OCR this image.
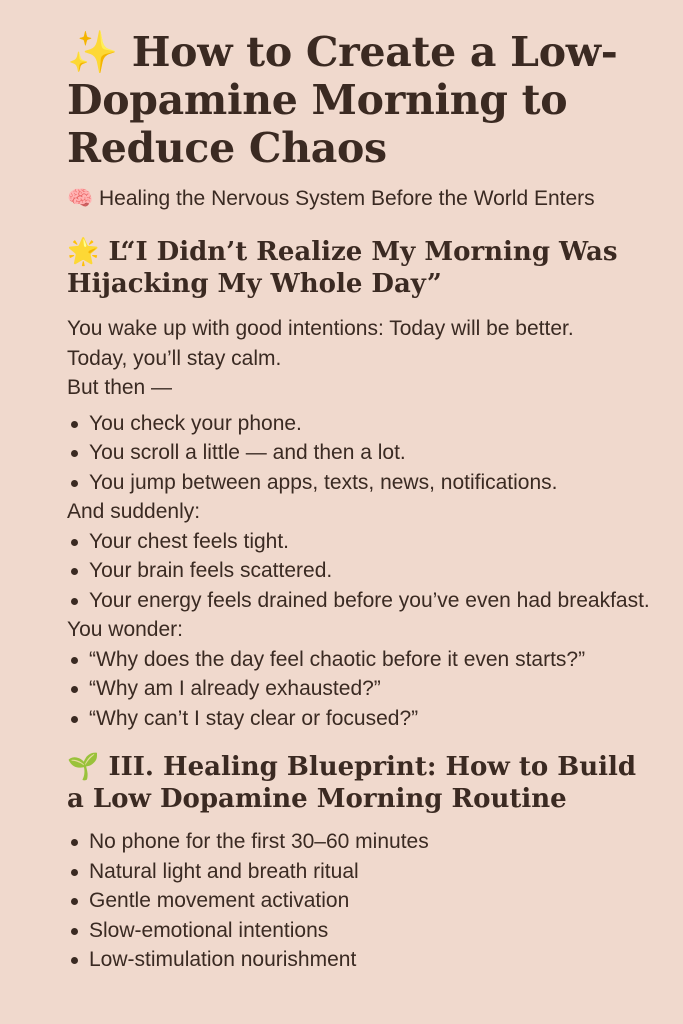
✨ How to Create a Low-Dopamine Morning to Reduce Chaos
🧠 Healing the Nervous System Before the World Enters
🌟 L“I Didn’t Realize My Morning Was Hijacking My Whole Day”
You wake up with good intentions: Today will be better.
Today, you’ll stay calm.
But then —
You check your phone.
You scroll a little — and then a lot.
You jump between apps, texts, news, notifications.
And suddenly:
Your chest feels tight.
Your brain feels scattered.
Your energy feels drained before you’ve even had breakfast.
You wonder:
“Why does the day feel chaotic before it even starts?”
“Why am I already exhausted?”
“Why can’t I stay clear or focused?”
🌱 III. Healing Blueprint: How to Build a Low Dopamine Morning Routine
No phone for the first 30–60 minutes
Natural light and breath ritual
Gentle movement activation
Slow-emotional intentions
Low-stimulation nourishment
